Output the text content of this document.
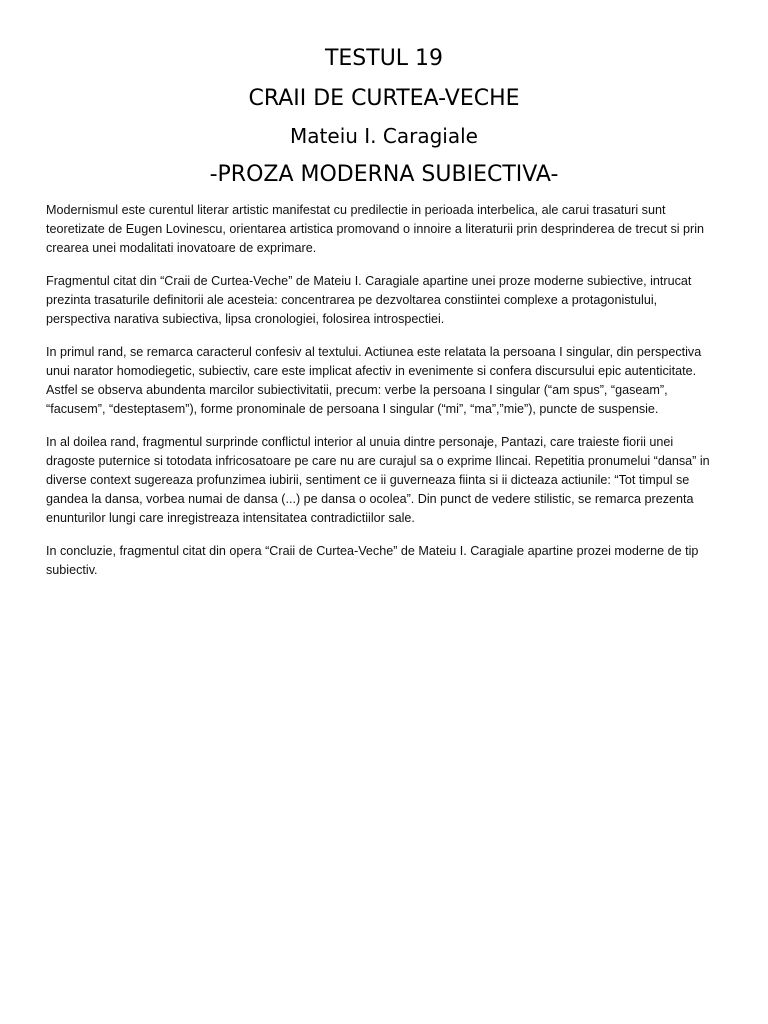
TESTUL 19
CRAII DE CURTEA-VECHE
Mateiu I. Caragiale
-PROZA MODERNA SUBIECTIVA-

Modernismul este curentul literar artistic manifestat cu predilectie in perioada interbelica, ale carui trasaturi sunt teoretizate de Eugen Lovinescu, orientarea artistica promovand o innoire a literaturii prin desprinderea de trecut si prin crearea unei modalitati inovatoare de exprimare.

Fragmentul citat din “Craii de Curtea-Veche” de Mateiu I. Caragiale apartine unei proze moderne subiective, intrucat prezinta trasaturile definitorii ale acesteia: concentrarea pe dezvoltarea constiintei complexe a protagonistului, perspectiva narativa subiectiva, lipsa cronologiei, folosirea introspectiei.

In primul rand, se remarca caracterul confesiv al textului. Actiunea este relatata la persoana I singular, din perspectiva unui narator homodiegetic, subiectiv, care este implicat afectiv in evenimente si confera discursului epic autenticitate. Astfel se observa abundenta marcilor subiectivitatii, precum: verbe la persoana I singular (“am spus”, “gaseam”, “facusem”, “desteptasem”), forme pronominale de persoana I singular (“mi”, “ma”,”mie”), puncte de suspensie.

In al doilea rand, fragmentul surprinde conflictul interior al unuia dintre personaje, Pantazi, care traieste fiorii unei dragoste puternice si totodata infricosatoare pe care nu are curajul sa o exprime Ilincai. Repetitia pronumelui “dansa” in diverse context sugereaza profunzimea iubirii, sentiment ce ii guverneaza fiinta si ii dicteaza actiunile: “Tot timpul se gandea la dansa, vorbea numai de dansa (...) pe dansa o ocolea”. Din punct de vedere stilistic, se remarca prezenta enunturilor lungi care inregistreaza intensitatea contradictiilor sale.

In concluzie, fragmentul citat din opera “Craii de Curtea-Veche” de Mateiu I. Caragiale apartine prozei moderne de tip subiectiv.
